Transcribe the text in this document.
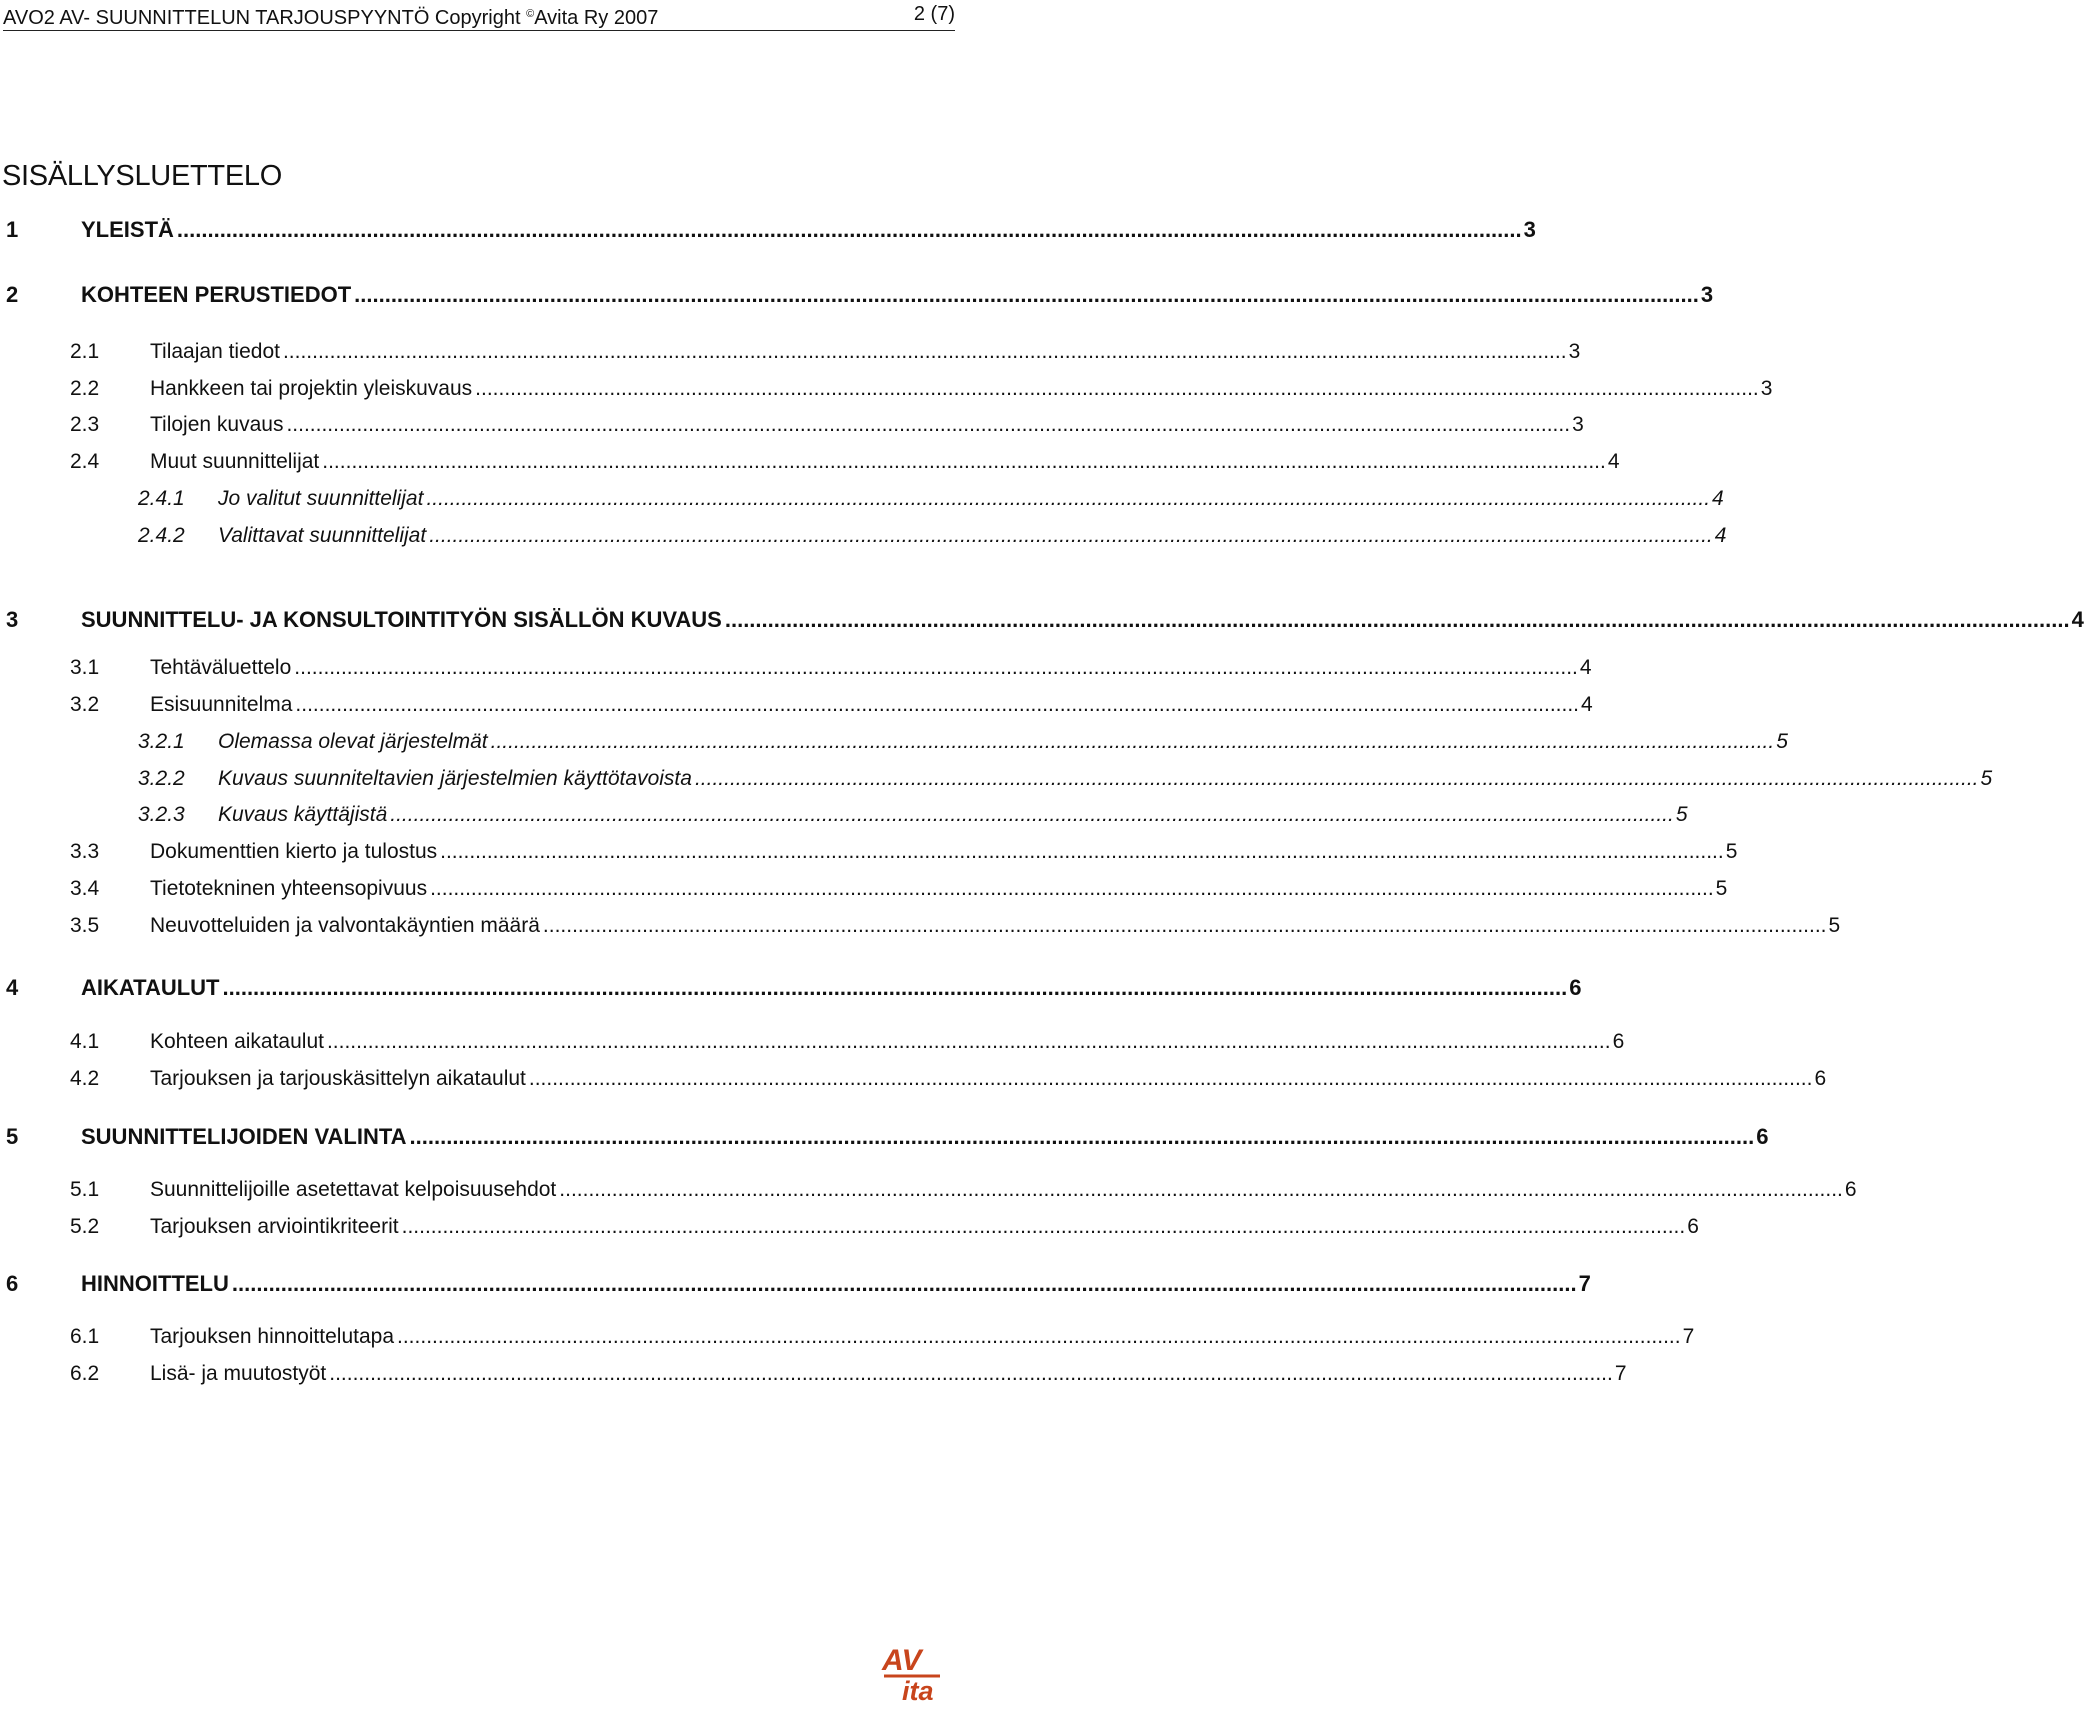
AVO2 AV- SUUNNITTELUN TARJOUSPYYNTÖ Copyright ©Avita Ry 2007	2 (7)
SISÄLLYSLUETTELO
1	YLEISTÄ ............................................................................................................................................................................................................................ 3
2	KOHTEEN PERUSTIEDOT ............................................................................................................................................................................................................................ 3
2.1	Tilaajan tiedot ............................................................................................................................................................................................................................ 3
2.2	Hankkeen tai projektin yleiskuvaus ............................................................................................................................................................................................................................ 3
2.3	Tilojen kuvaus ............................................................................................................................................................................................................................ 3
2.4	Muut suunnittelijat ............................................................................................................................................................................................................................ 4
2.4.1	Jo valitut suunnittelijat ............................................................................................................................................................................................................................ 4
2.4.2	Valittavat suunnittelijat ............................................................................................................................................................................................................................ 4
3	SUUNNITTELU- JA KONSULTOINTITYÖN SISÄLLÖN KUVAUS ............................................................................................................................................................................................................................ 4
3.1	Tehtäväluettelo ............................................................................................................................................................................................................................ 4
3.2	Esisuunnitelma ............................................................................................................................................................................................................................ 4
3.2.1	Olemassa olevat järjestelmät ............................................................................................................................................................................................................................ 5
3.2.2	Kuvaus suunniteltavien järjestelmien käyttötavoista ............................................................................................................................................................................................................................ 5
3.2.3	Kuvaus käyttäjistä ............................................................................................................................................................................................................................ 5
3.3	Dokumenttien kierto ja tulostus ............................................................................................................................................................................................................................ 5
3.4	Tietotekninen yhteensopivuus ............................................................................................................................................................................................................................ 5
3.5	Neuvotteluiden ja valvontakäyntien määrä ............................................................................................................................................................................................................................ 5
4	AIKATAULUT ............................................................................................................................................................................................................................ 6
4.1	Kohteen aikataulut ............................................................................................................................................................................................................................ 6
4.2	Tarjouksen ja tarjouskäsittelyn aikataulut ............................................................................................................................................................................................................................ 6
5	SUUNNITTELIJOIDEN VALINTA ............................................................................................................................................................................................................................ 6
5.1	Suunnittelijoille asetettavat kelpoisuusehdot ............................................................................................................................................................................................................................ 6
5.2	Tarjouksen arviointikriteerit ............................................................................................................................................................................................................................ 6
6	HINNOITTELU ............................................................................................................................................................................................................................ 7
6.1	Tarjouksen hinnoittelutapa ............................................................................................................................................................................................................................ 7
6.2	Lisä- ja muutostyöt ............................................................................................................................................................................................................................ 7
AV
ita
